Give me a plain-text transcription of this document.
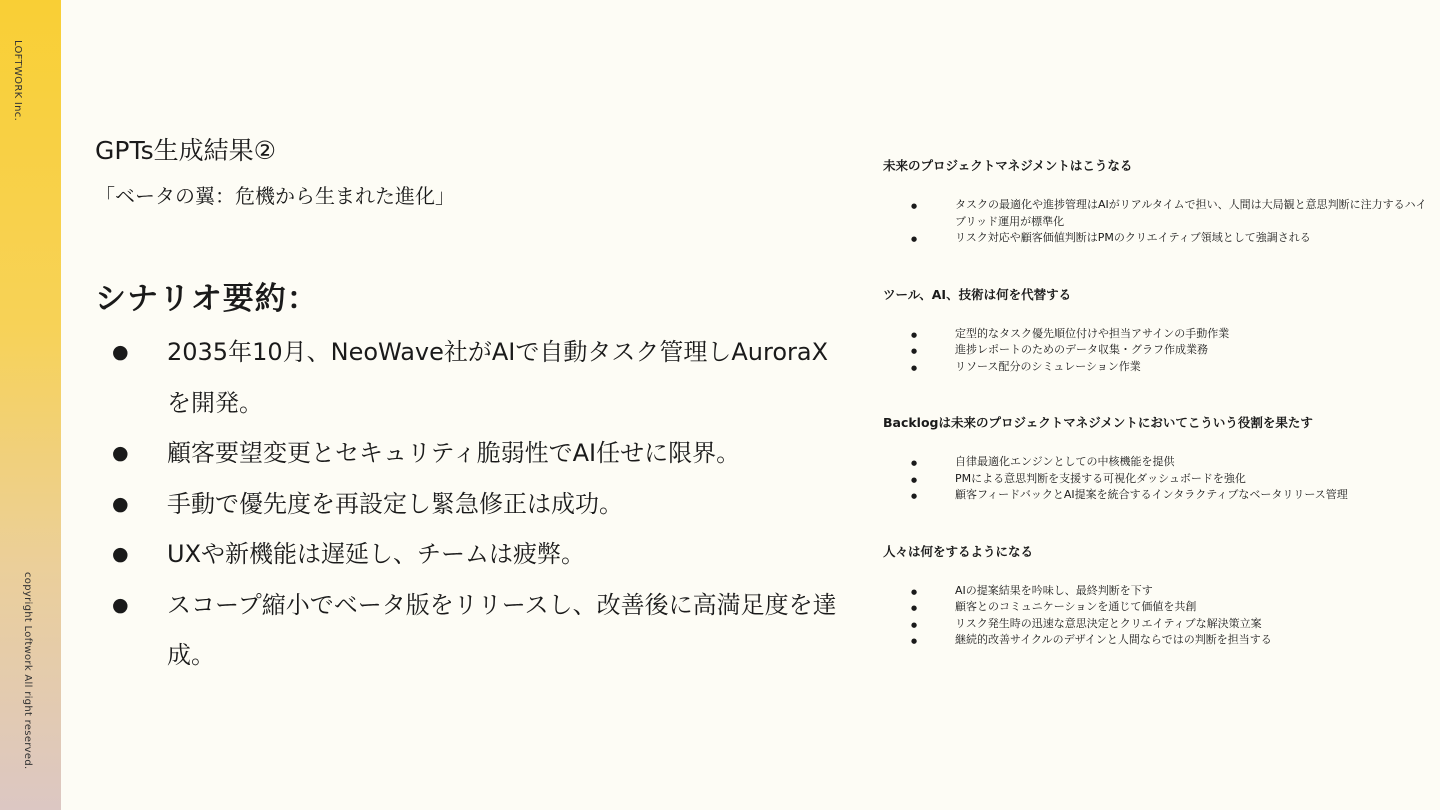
LOFTWORK Inc.
copyright Loftwork All right reserved.
GPTs生成結果②

「ベータの翼：危機から生まれた進化」

シナリオ要約：
● 2035年10月、NeoWave社がAIで自動タスク管理しAuroraXを開発。
● 顧客要望変更とセキュリティ脆弱性でAI任せに限界。
● 手動で優先度を再設定し緊急修正は成功。
● UXや新機能は遅延し、チームは疲弊。
● スコープ縮小でベータ版をリリースし、改善後に高満足度を達成。
未来のプロジェクトマネジメントはこうなる
● タスクの最適化や進捗管理はAIがリアルタイムで担い、人間は大局観と意思判断に注力するハイブリッド運用が標準化
● リスク対応や顧客価値判断はPMのクリエイティブ領域として強調される
ツール、AI、技術は何を代替する
● 定型的なタスク優先順位付けや担当アサインの手動作業
● 進捗レポートのためのデータ収集・グラフ作成業務
● リソース配分のシミュレーション作業
Backlogは未来のプロジェクトマネジメントにおいてこういう役割を果たす
● 自律最適化エンジンとしての中核機能を提供
● PMによる意思判断を支援する可視化ダッシュボードを強化
● 顧客フィードバックとAI提案を統合するインタラクティブなベータリリース管理
人々は何をするようになる
● AIの提案結果を吟味し、最終判断を下す
● 顧客とのコミュニケーションを通じて価値を共創
● リスク発生時の迅速な意思決定とクリエイティブな解決策立案
● 継続的改善サイクルのデザインと人間ならではの判断を担当する
